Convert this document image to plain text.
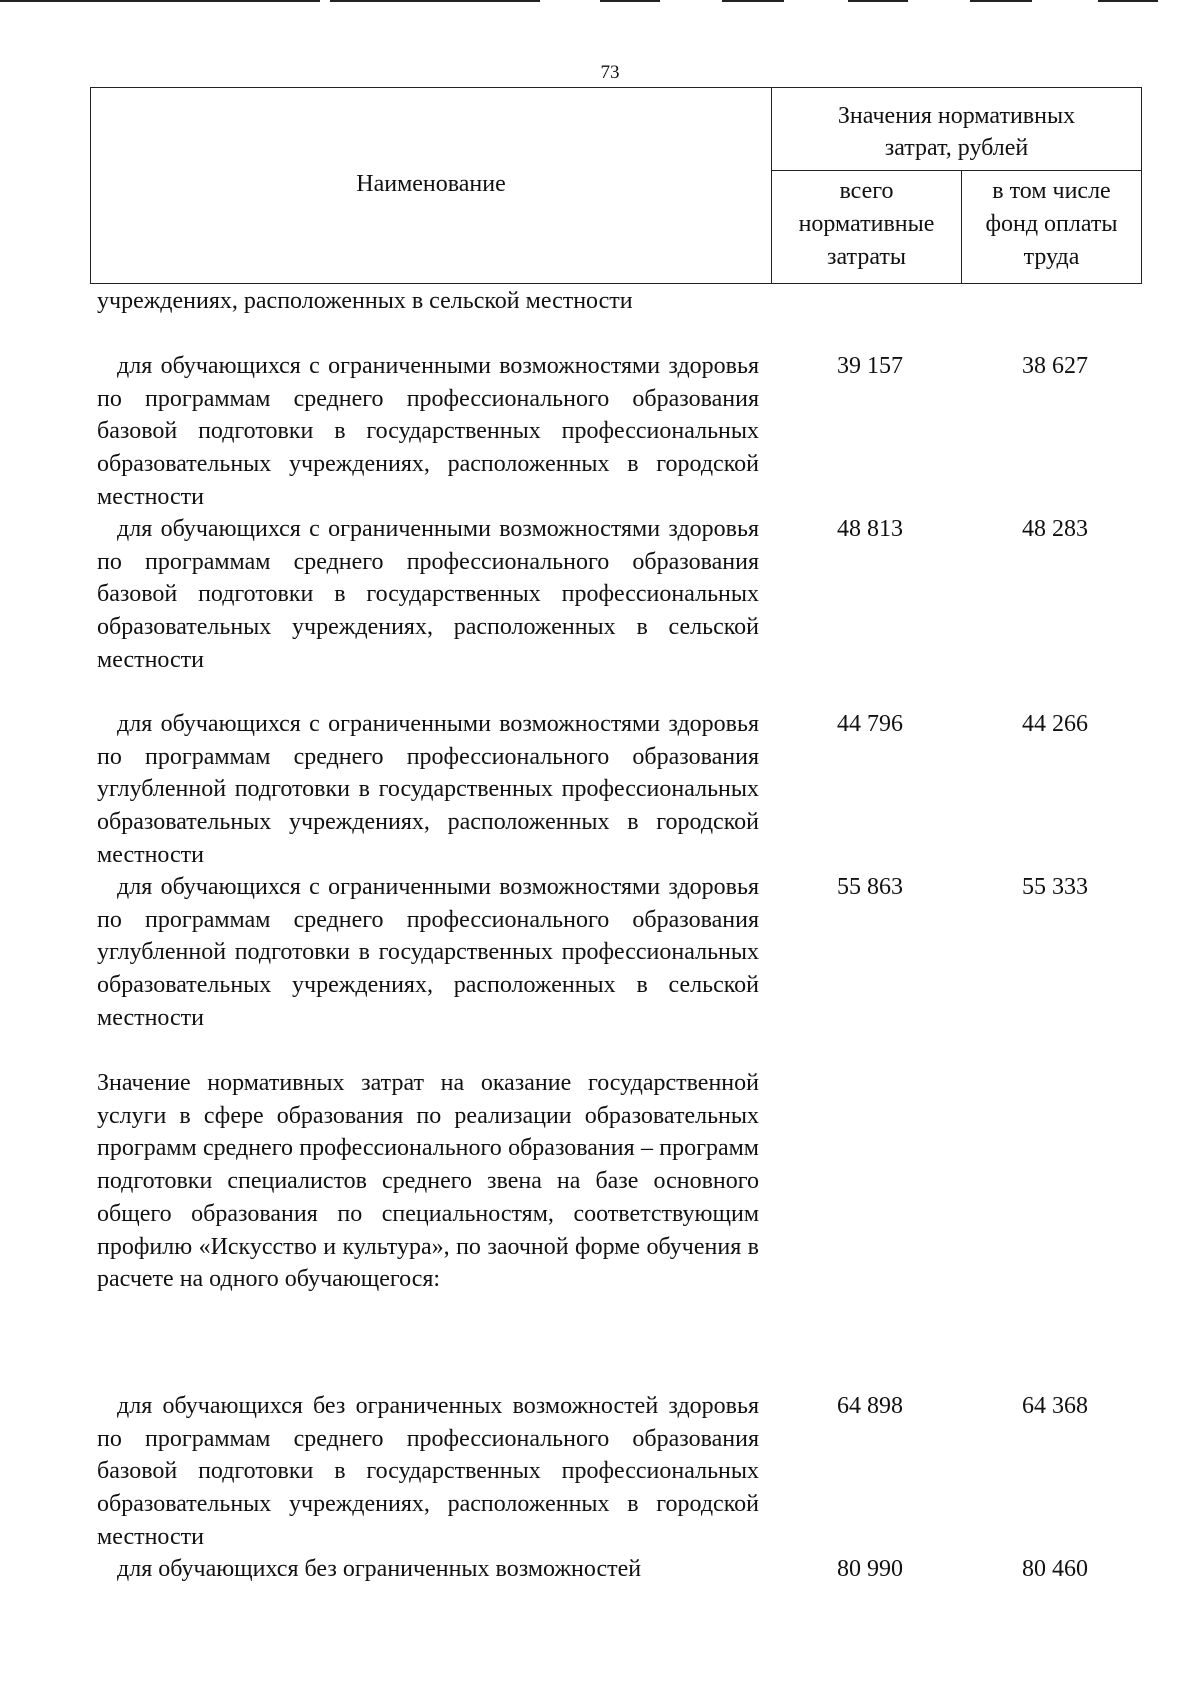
73
Наименование
Значения нормативных затрат, рублей
всего нормативные затраты
в том числе фонд оплаты труда
учреждениях, расположенных в сельской местности
для обучающихся с ограниченными возможностями здоровья по программам среднего профессионального образования базовой подготовки в государственных профессиональных образовательных учреждениях, расположенных в городской местности
39 157	38 627
для обучающихся с ограниченными возможностями здоровья по программам среднего профессионального образования базовой подготовки в государственных профессиональных образовательных учреждениях, расположенных в сельской местности
48 813	48 283
для обучающихся с ограниченными возможностями здоровья по программам среднего профессионального образования углубленной подготовки в государственных профессиональных образовательных учреждениях, расположенных в городской местности
44 796	44 266
для обучающихся с ограниченными возможностями здоровья по программам среднего профессионального образования углубленной подготовки в государственных профессиональных образовательных учреждениях, расположенных в сельской местности
55 863	55 333
Значение нормативных затрат на оказание государственной услуги в сфере образования по реализации образовательных программ среднего профессионального образования – программ подготовки специалистов среднего звена на базе основного общего образования по специальностям, соответствующим профилю «Искусство и культура», по заочной форме обучения в расчете на одного обучающегося:
для обучающихся без ограниченных возможностей здоровья по программам среднего профессионального образования базовой подготовки в государственных профессиональных образовательных учреждениях, расположенных в городской местности
64 898	64 368
для обучающихся без ограниченных возможностей	80 990	80 460
